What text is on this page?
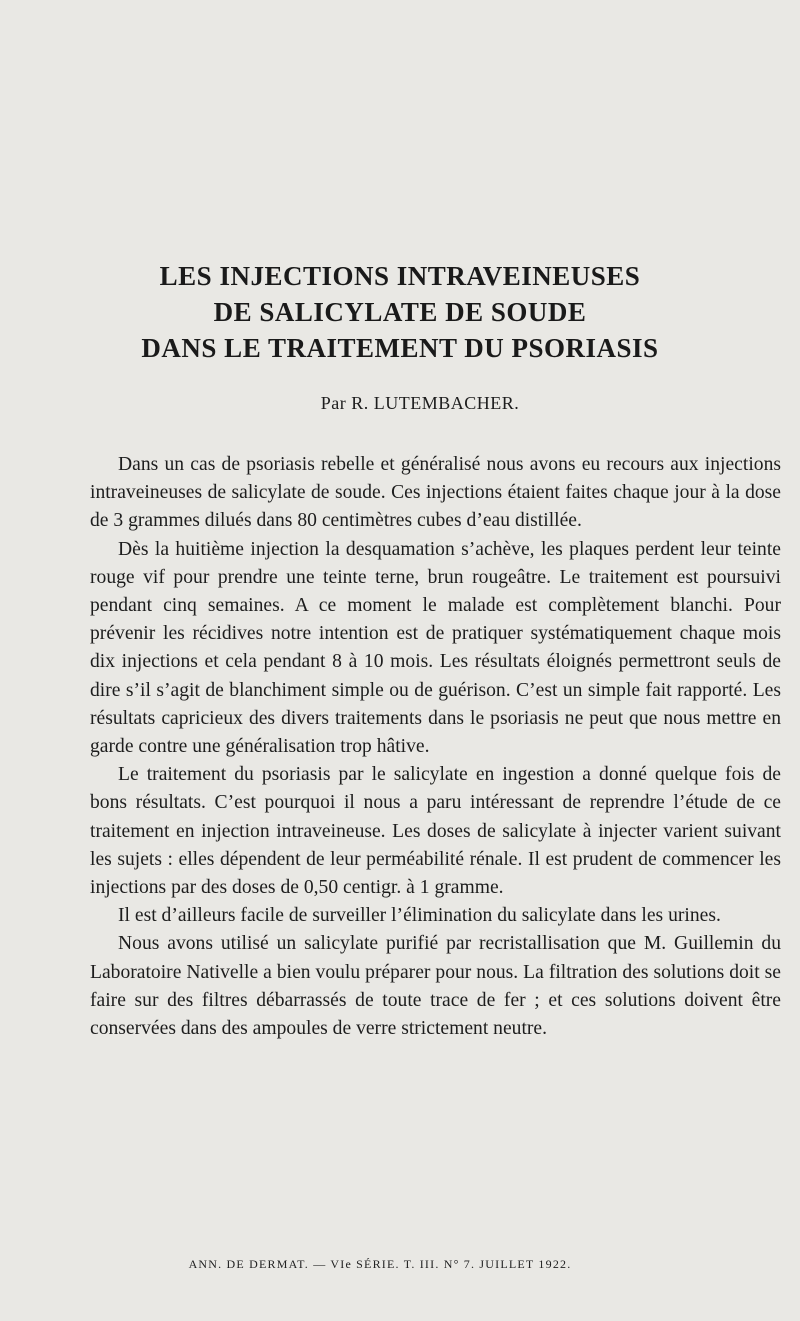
LES INJECTIONS INTRAVEINEUSES
DE SALICYLATE DE SOUDE
DANS LE TRAITEMENT DU PSORIASIS
Par R. LUTEMBACHER.

Dans un cas de psoriasis rebelle et généralisé nous avons eu recours aux injections intraveineuses de salicylate de soude. Ces injections étaient faites chaque jour à la dose de 3 grammes dilués dans 80 centimètres cubes d’eau distillée.

Dès la huitième injection la desquamation s’achève, les plaques perdent leur teinte rouge vif pour prendre une teinte terne, brun rougeâtre. Le traitement est poursuivi pendant cinq semaines. A ce moment le malade est complètement blanchi. Pour prévenir les récidives notre intention est de pratiquer systématiquement chaque mois dix injections et cela pendant 8 à 10 mois. Les résultats éloignés permettront seuls de dire s’il s’agit de blanchiment simple ou de guérison. C’est un simple fait rapporté. Les résultats capricieux des divers traitements dans le psoriasis ne peut que nous mettre en garde contre une généralisation trop hâtive.

Le traitement du psoriasis par le salicylate en ingestion a donné quelque fois de bons résultats. C’est pourquoi il nous a paru intéressant de reprendre l’étude de ce traitement en injection intraveineuse. Les doses de salicylate à injecter varient suivant les sujets : elles dépendent de leur perméabilité rénale. Il est prudent de commencer les injections par des doses de 0,50 centigr. à 1 gramme.

Il est d’ailleurs facile de surveiller l’élimination du salicylate dans les urines.

Nous avons utilisé un salicylate purifié par recristallisation que M. Guillemin du Laboratoire Nativelle a bien voulu préparer pour nous. La filtration des solutions doit se faire sur des filtres débarrassés de toute trace de fer ; et ces solutions doivent être conservées dans des ampoules de verre strictement neutre.

ANN. DE DERMAT. — VIe SÉRIE. T. III. N° 7. JUILLET 1922.
